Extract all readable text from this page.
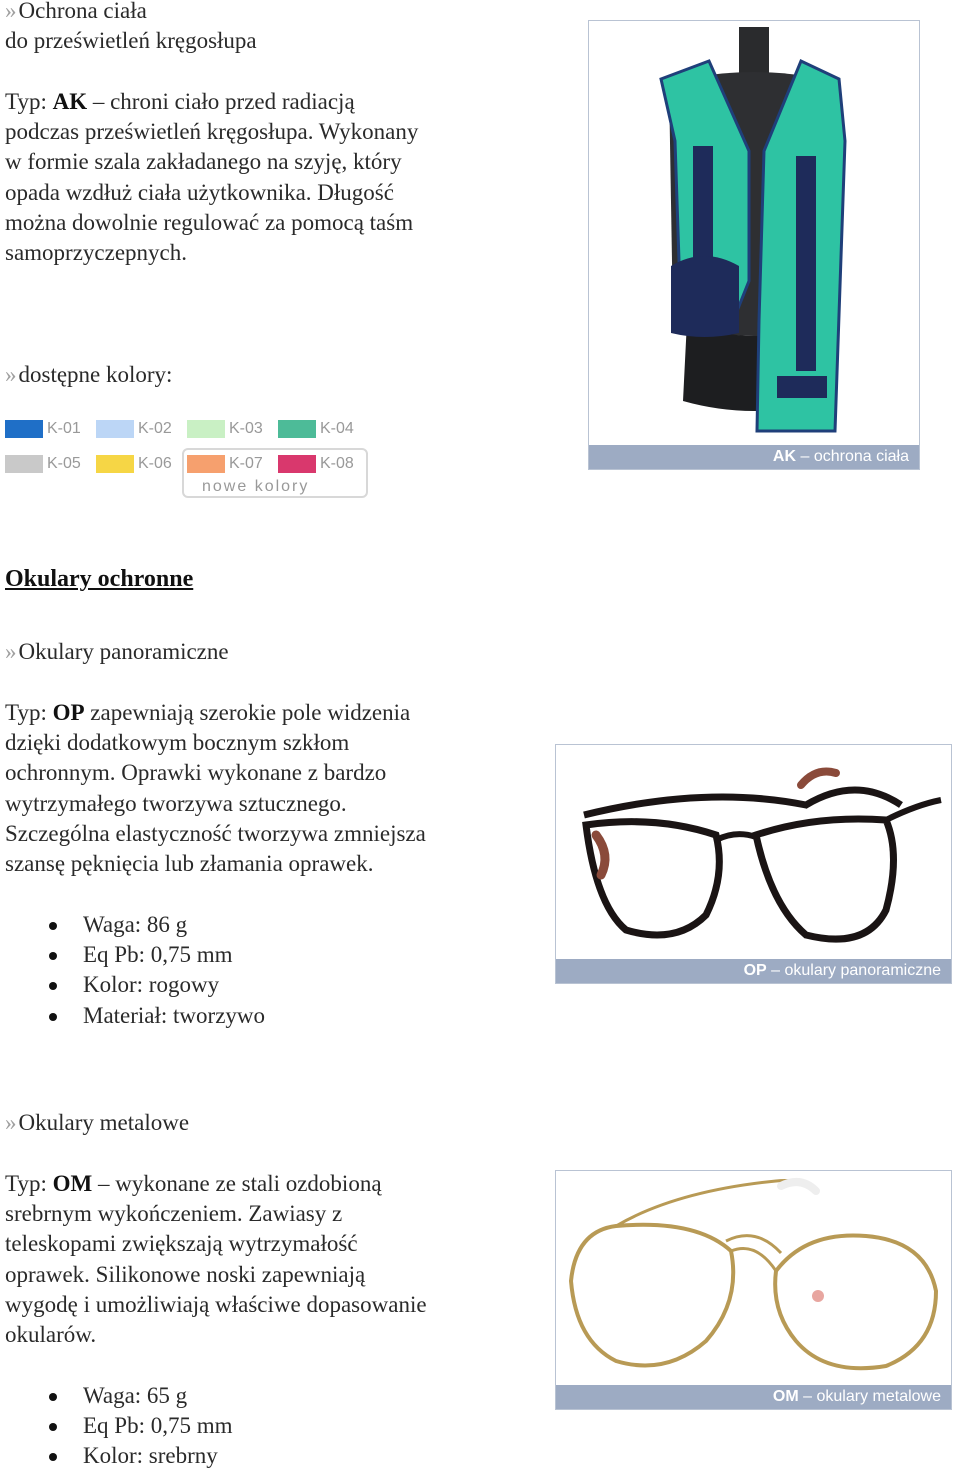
»Ochrona ciała
do prześwietleń kręgosłupa
Typ: AK – chroni ciało przed radiacją
podczas prześwietleń kręgosłupa. Wykonany
w formie szala zakładanego na szyję, który
opada wzdłuż ciała użytkownika. Długość
można dowolnie regulować za pomocą taśm
samoprzyczepnych.
AK – ochrona ciała
»dostępne kolory:
K-01	K-02	K-03	K-04
K-05	K-06	K-07	K-08
nowe kolory
Okulary ochronne
»Okulary panoramiczne
Typ: OP zapewniają szerokie pole widzenia
dzięki dodatkowym bocznym szkłom
ochronnym. Oprawki wykonane z bardzo
wytrzymałego tworzywa sztucznego.
Szczególna elastyczność tworzywa zmniejsza
szansę pęknięcia lub złamania oprawek.
Waga: 86 g
Eq Pb: 0,75 mm
Kolor: rogowy
Materiał: tworzywo
OP – okulary panoramiczne
»Okulary metalowe
Typ: OM – wykonane ze stali ozdobioną
srebrnym wykończeniem. Zawiasy z
teleskopami zwiększają wytrzymałość
oprawek. Silikonowe noski zapewniają
wygodę i umożliwiają właściwe dopasowanie
okularów.
Waga: 65 g
Eq Pb: 0,75 mm
Kolor: srebrny
OM – okulary metalowe
